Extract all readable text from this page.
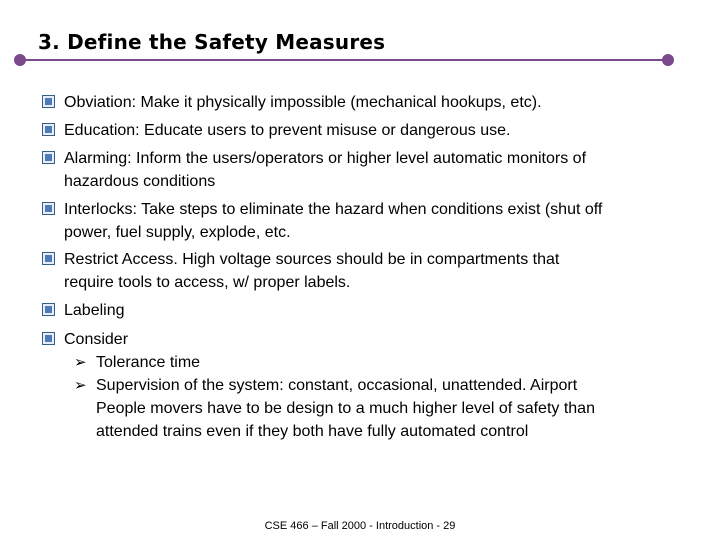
3. Define the Safety Measures
Obviation: Make it physically impossible (mechanical hookups, etc).
Education: Educate users to prevent misuse or dangerous use.
Alarming: Inform the users/operators or higher level automatic monitors of
hazardous conditions
Interlocks: Take steps to eliminate the hazard when conditions exist (shut off
power, fuel supply, explode, etc.
Restrict Access. High voltage sources should be in compartments that
require tools to access, w/ proper labels.
Labeling
Consider
➢ Tolerance time
➢ Supervision of the system: constant, occasional, unattended. Airport
People movers have to be design to a much higher level of safety than
attended trains even if they both have fully automated control
CSE 466 – Fall 2000 - Introduction - 29
